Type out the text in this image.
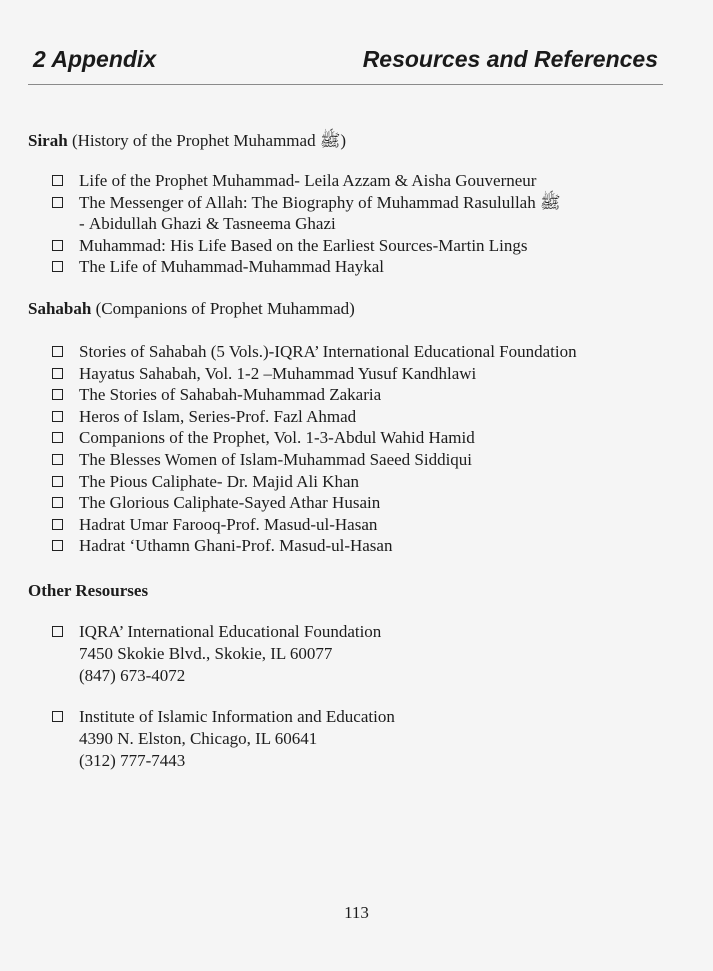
2 Appendix	Resources and References
Sirah (History of the Prophet Muhammad ﷺ)
Life of the Prophet Muhammad- Leila Azzam & Aisha Gouverneur
The Messenger of Allah: The Biography of Muhammad Rasulullah ﷺ
- Abidullah Ghazi & Tasneema Ghazi
Muhammad: His Life Based on the Earliest Sources-Martin Lings
The Life of Muhammad-Muhammad Haykal
Sahabah (Companions of Prophet Muhammad)
Stories of Sahabah (5 Vols.)-IQRA’ International Educational Foundation
Hayatus Sahabah, Vol. 1-2 –Muhammad Yusuf Kandhlawi
The Stories of Sahabah-Muhammad Zakaria
Heros of Islam, Series-Prof. Fazl Ahmad
Companions of the Prophet, Vol. 1-3-Abdul Wahid Hamid
The Blesses Women of Islam-Muhammad Saeed Siddiqui
The Pious Caliphate- Dr. Majid Ali Khan
The Glorious Caliphate-Sayed Athar Husain
Hadrat Umar Farooq-Prof. Masud-ul-Hasan
Hadrat ‘Uthamn Ghani-Prof. Masud-ul-Hasan
Other Resourses
IQRA’ International Educational Foundation
7450 Skokie Blvd., Skokie, IL 60077
(847) 673-4072
Institute of Islamic Information and Education
4390 N. Elston, Chicago, IL 60641
(312) 777-7443
113
